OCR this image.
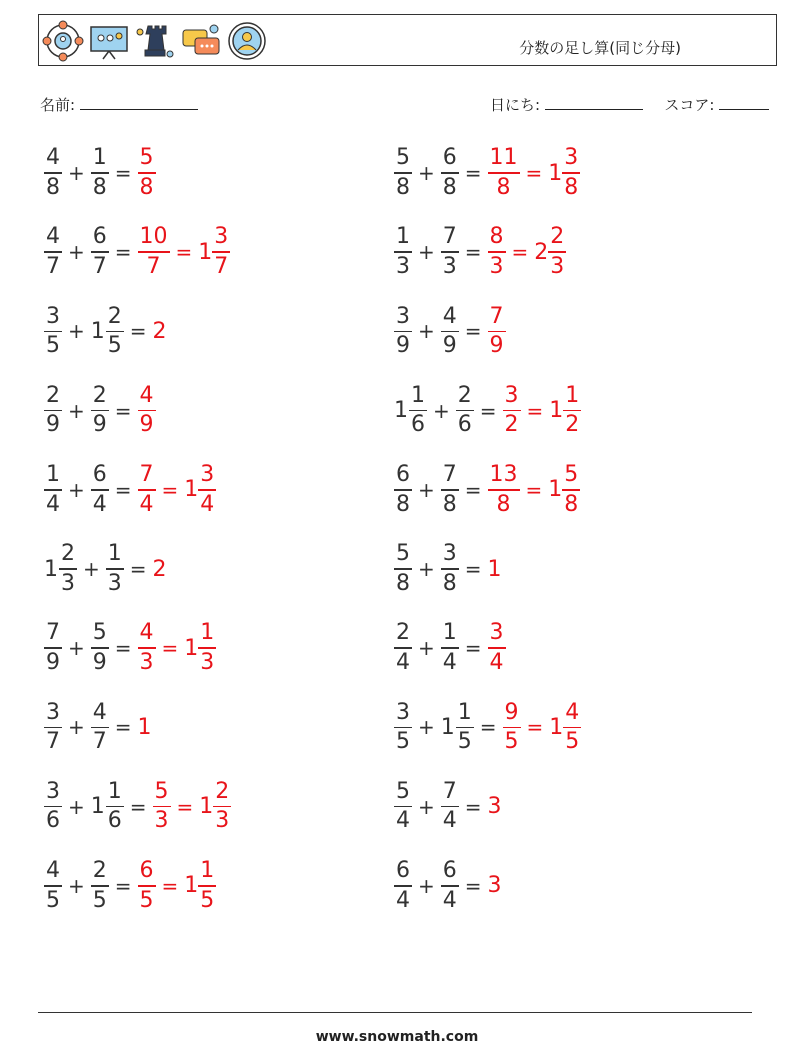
分数の足し算(同じ分母)
名前:	日にち:	スコア:
$\frac{4}{8} + \frac{1}{8} = \frac{5}{8}$	$\frac{5}{8} + \frac{6}{8} = \frac{11}{8} = 1 \frac{3}{8}$
$\frac{4}{7} + \frac{6}{7} = \frac{10}{7} = 1 \frac{3}{7}$	$\frac{1}{3} + \frac{7}{3} = \frac{8}{3} = 2 \frac{2}{3}$
$\frac{3}{5} + 1 \frac{2}{5} = 2$	$\frac{3}{9} + \frac{4}{9} = \frac{7}{9}$
$\frac{2}{9} + \frac{2}{9} = \frac{4}{9}$	$1 \frac{1}{6} + \frac{2}{6} = \frac{3}{2} = 1 \frac{1}{2}$
$\frac{1}{4} + \frac{6}{4} = \frac{7}{4} = 1 \frac{3}{4}$	$\frac{6}{8} + \frac{7}{8} = \frac{13}{8} = 1 \frac{5}{8}$
$1 \frac{2}{3} + \frac{1}{3} = 2$	$\frac{5}{8} + \frac{3}{8} = 1$
$\frac{7}{9} + \frac{5}{9} = \frac{4}{3} = 1 \frac{1}{3}$	$\frac{2}{4} + \frac{1}{4} = \frac{3}{4}$
$\frac{3}{7} + \frac{4}{7} = 1$	$\frac{3}{5} + 1 \frac{1}{5} = \frac{9}{5} = 1 \frac{4}{5}$
$\frac{3}{6} + 1 \frac{1}{6} = \frac{5}{3} = 1 \frac{2}{3}$	$\frac{5}{4} + \frac{7}{4} = 3$
$\frac{4}{5} + \frac{2}{5} = \frac{6}{5} = 1 \frac{1}{5}$	$\frac{6}{4} + \frac{6}{4} = 3$
www.snowmath.com
